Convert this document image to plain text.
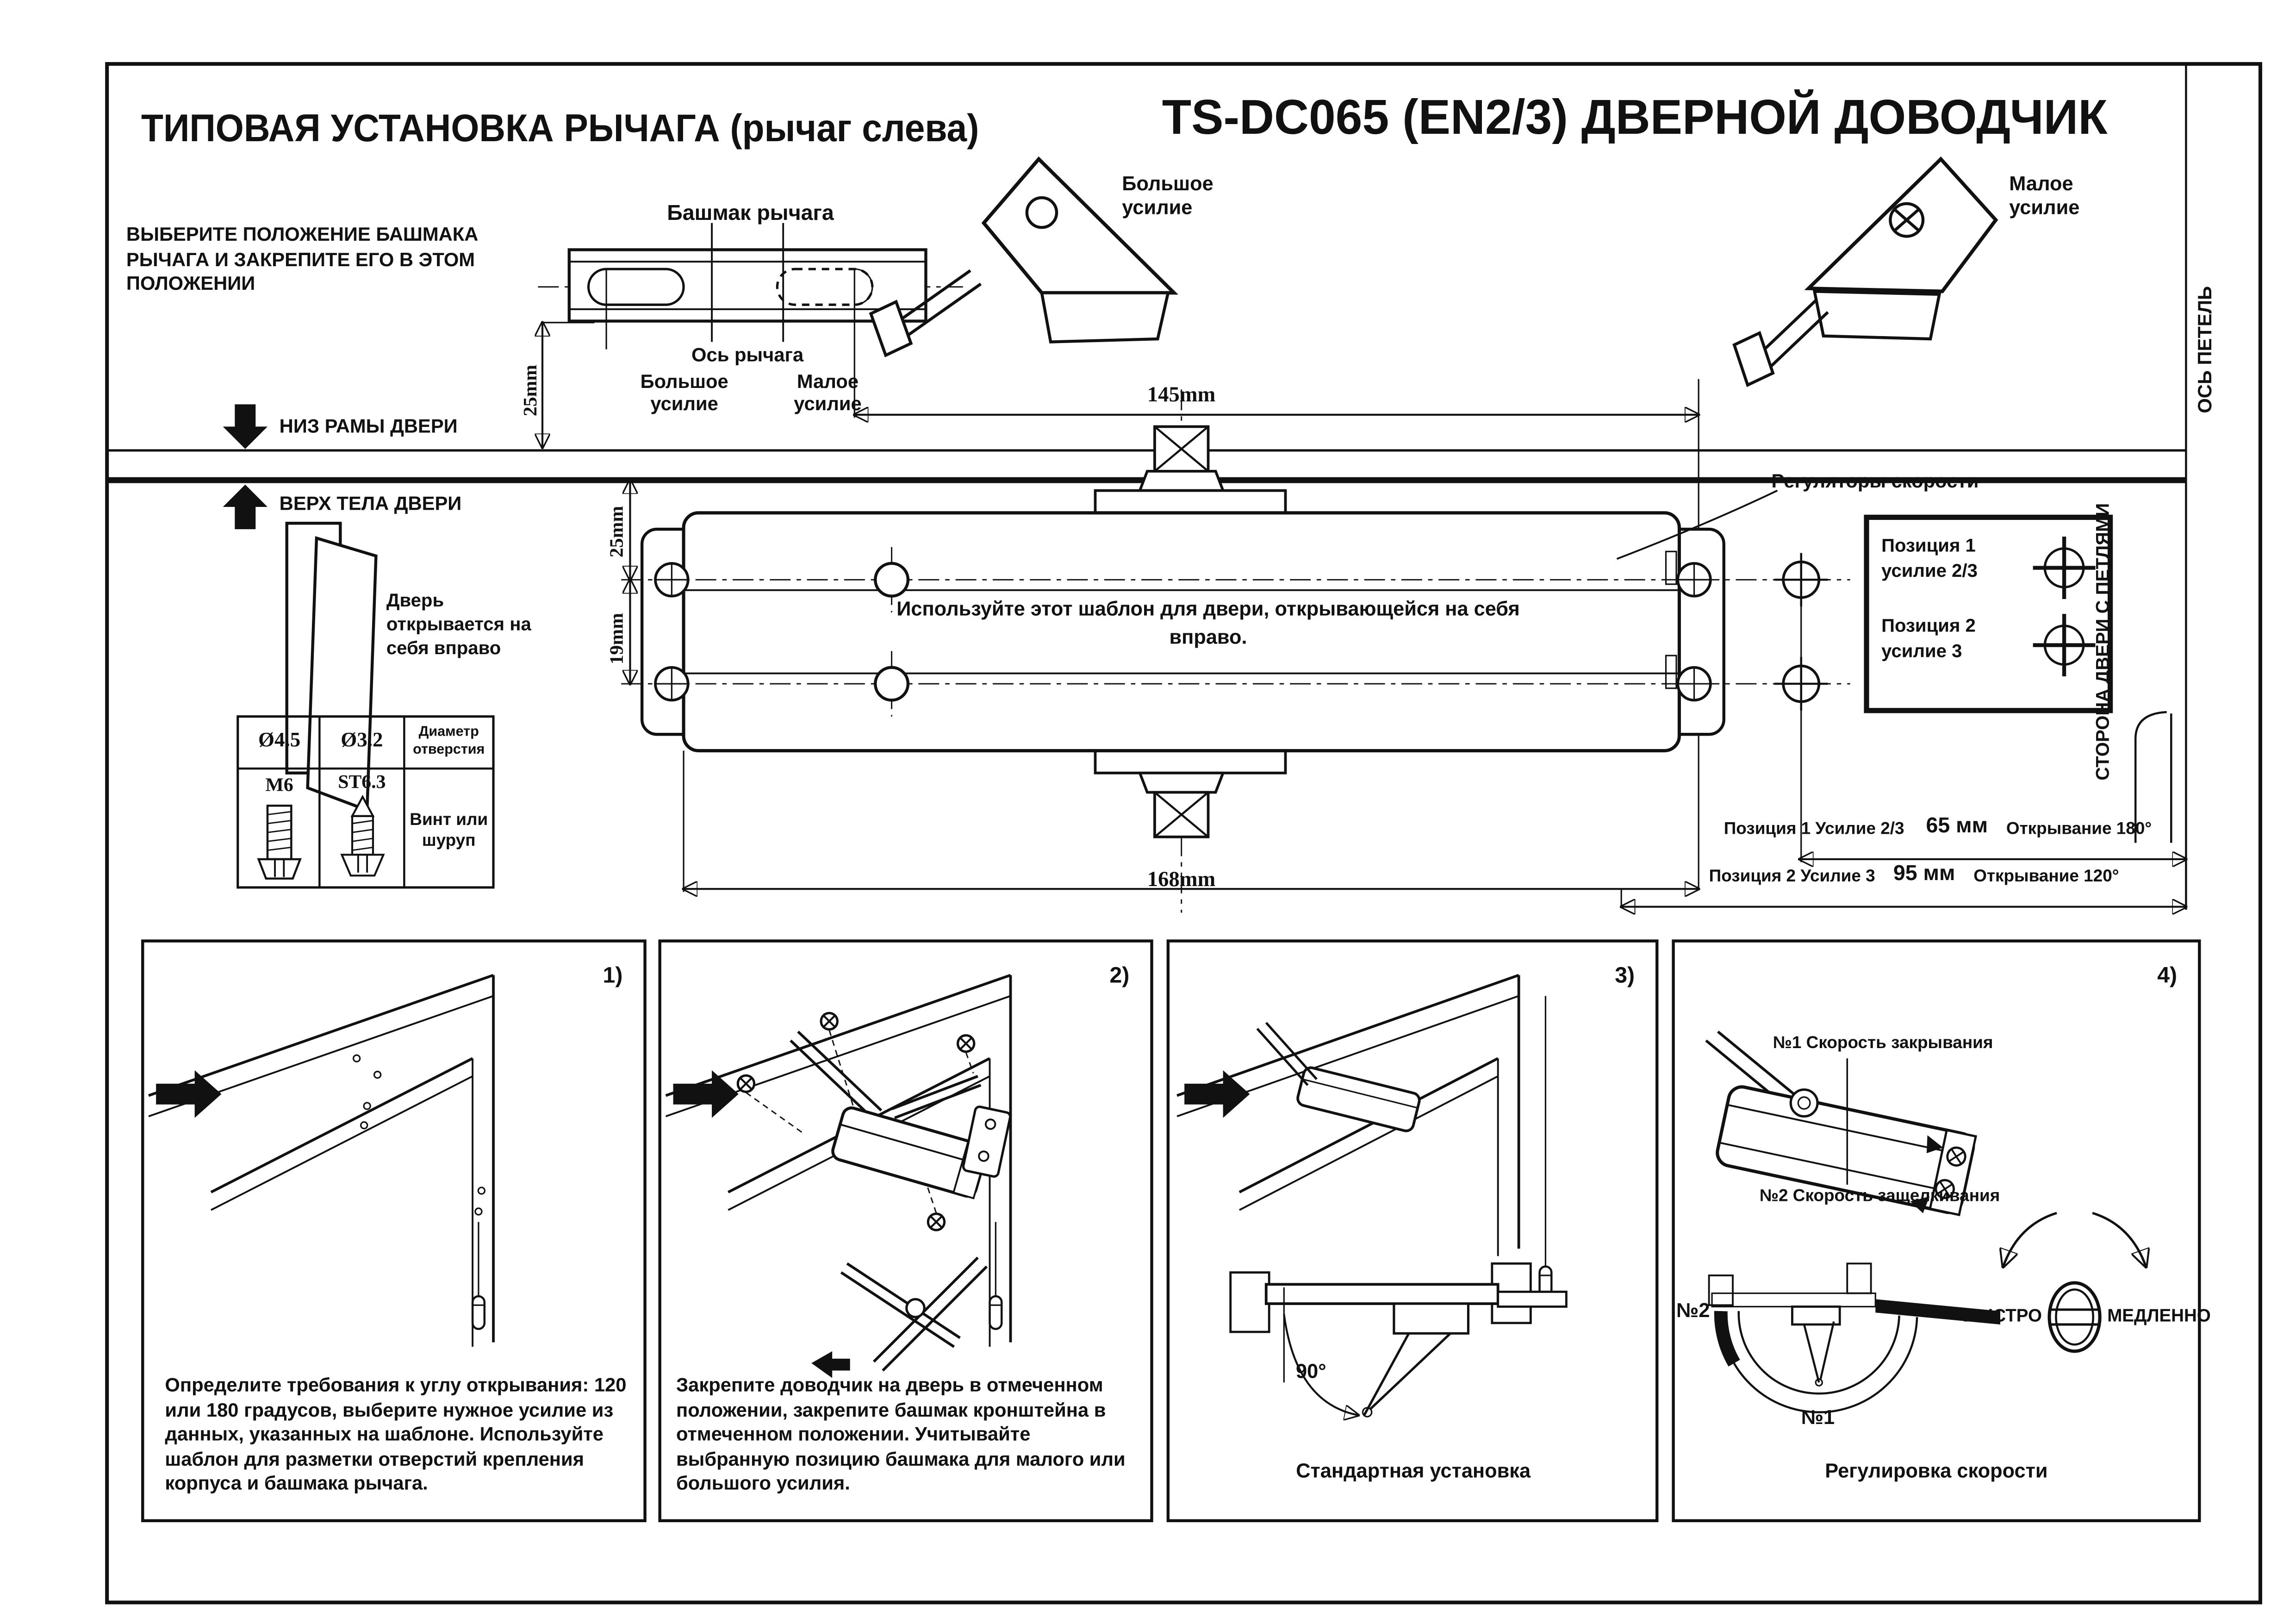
ТИПОВАЯ УСТАНОВКА РЫЧАГА (рычаг слева)	TS-DC065 (EN2/3) ДВЕРНОЙ ДОВОДЧИК
ВЫБЕРИТЕ ПОЛОЖЕНИЕ БАШМАКА РЫЧАГА И ЗАКРЕПИТЕ ЕГО В ЭТОМ ПОЛОЖЕНИИ
Башмак рычага
Ось рычага
Большое усилие
Малое усилие
25mm
НИЗ РАМЫ ДВЕРИ
ВЕРХ ТЕЛА ДВЕРИ
Большое усилие
Малое усилие
145mm
25mm
19mm
168mm
Дверь открывается на себя вправо
Ø4.5	Ø3.2	Диаметр отверстия
M6	ST6.3
Винт или шуруп
Используйте этот шаблон для двери, открывающейся на себя вправо.
Регуляторы скорости
Позиция 1
усилие 2/3
Позиция 2
усилие 3
ОСЬ ПЕТЕЛЬ
СТОРОНА ДВЕРИ С ПЕТЛЯМИ
Позиция 1 Усилие 2/3	65 мм	Открывание 180°
Позиция 2 Усилие 3	95 мм	Открывание 120°
1)
Определите требования к углу открывания: 120 или 180 градусов, выберите нужное усилие из данных, указанных на шаблоне. Используйте шаблон для разметки отверстий крепления корпуса и башмака рычага.
2)
Закрепите доводчик на дверь в отмеченном положении, закрепите башмак кронштейна в отмеченном положении. Учитывайте выбранную позицию башмака для малого или большого усилия.
3)
Стандартная установка
4)
Регулировка скорости
90°
№1 Скорость закрывания
№2 Скорость защелкивания
№2
№1
БЫСТРО	МЕДЛЕННО
